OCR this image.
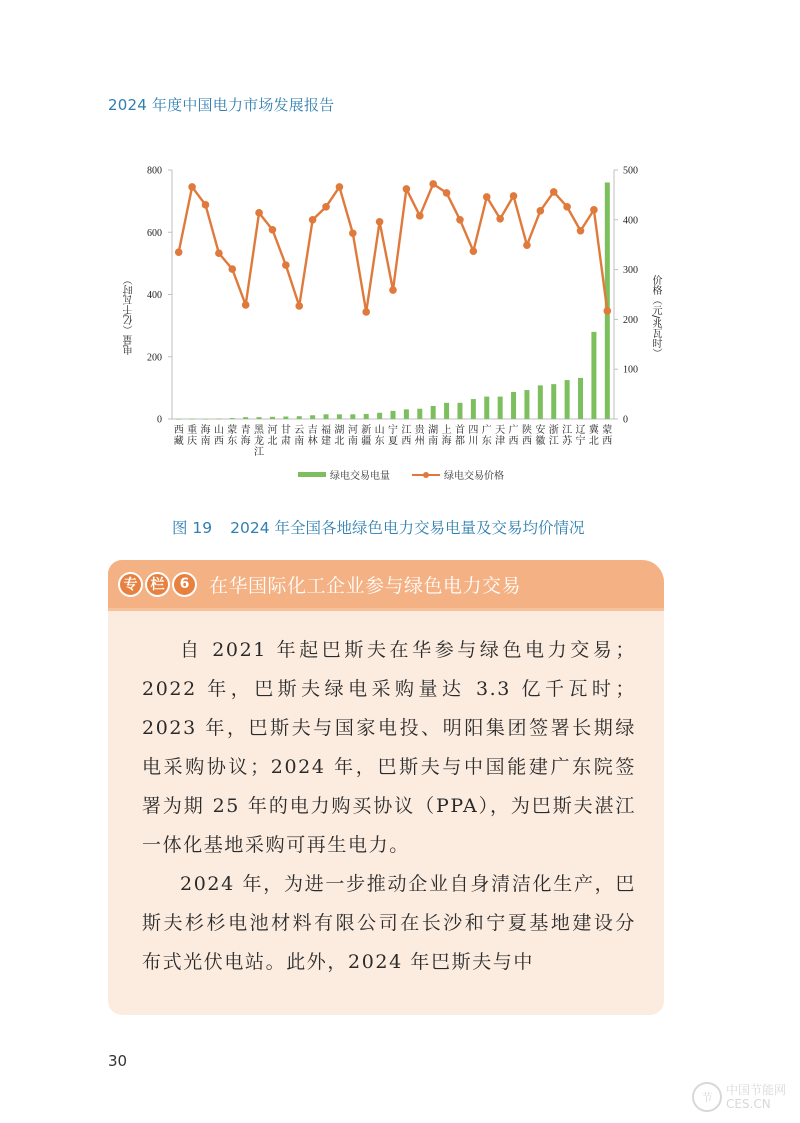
2024 年度中国电力市场发展报告
0
200
400
600
800
0
100
200
300
400
500
西
藏
重
庆
海
南
山
西
蒙
东
青
海
黑
龙
江
河
北
甘
肃
云
南
吉
林
福
建
湖
北
河
南
新
疆
山
东
宁
夏
江
西
贵
州
湖
南
上
海
首
都
四
川
广
东
天
津
广
西
陕
西
安
徽
浙
江
江
苏
辽
宁
冀
北
蒙
西
电量（亿千瓦时）	价格（元/兆瓦时）
绿电交易电量	绿电交易价格
图 19 2024 年全国各地绿色电力交易电量及交易均价情况
专 栏	6	在华国际化工企业参与绿色电力交易

自 2021 年起巴斯夫在华参与绿色电力交易；2022 年，巴斯夫绿电采购量达 3.3 亿千瓦时；2023 年，巴斯夫与国家电投、明阳集团签署长期绿电采购协议；2024 年，巴斯夫与中国能建广东院签署为期 25 年的电力购买协议（PPA），为巴斯夫湛江一体化基地采购可再生电力。

2024 年，为进一步推动企业自身清洁化生产，巴斯夫杉杉电池材料有限公司在长沙和宁夏基地建设分布式光伏电站。此外，2024 年巴斯夫与中

30
节
中国节能网
CES.CN
